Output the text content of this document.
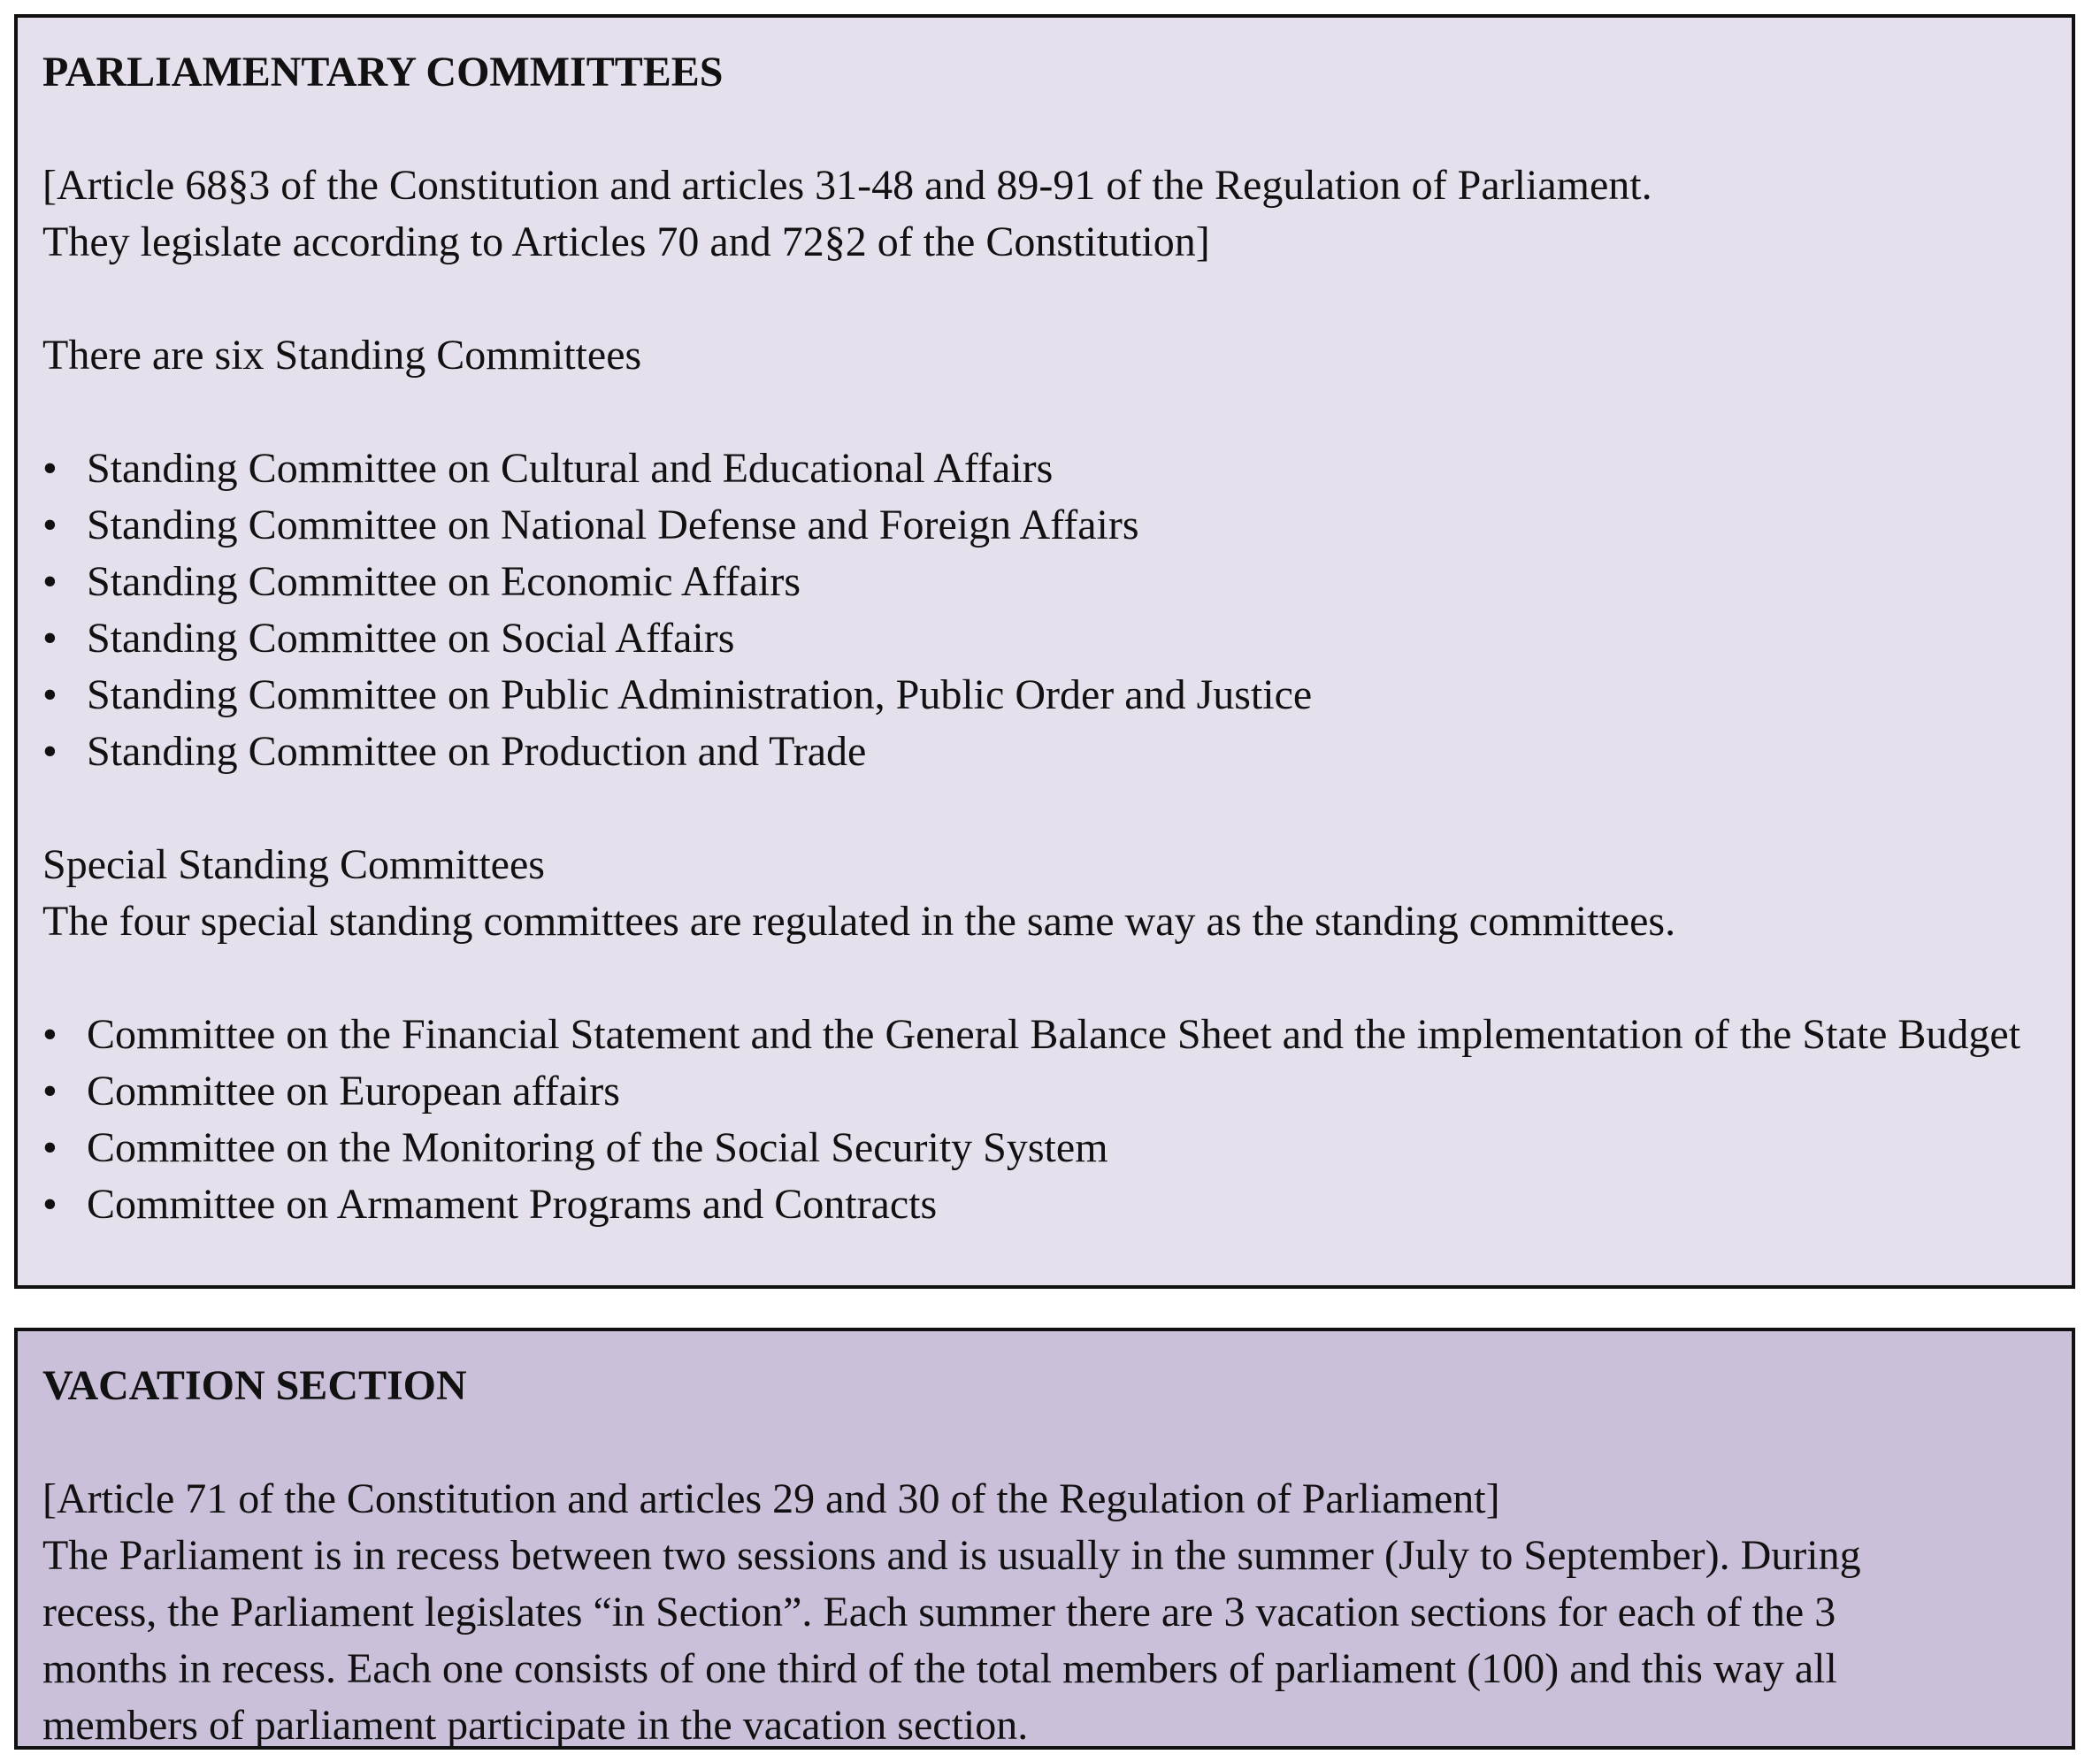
PARLIAMENTARY COMMITTEES

[Article 68§3 of the Constitution and articles 31-48 and 89-91 of the Regulation of Parliament.
They legislate according to Articles 70 and 72§2 of the Constitution]

There are six Standing Committees

• Standing Committee on Cultural and Educational Affairs
• Standing Committee on National Defense and Foreign Affairs
• Standing Committee on Economic Affairs
• Standing Committee on Social Affairs
• Standing Committee on Public Administration, Public Order and Justice
• Standing Committee on Production and Trade

Special Standing Committees

The four special standing committees are regulated in the same way as the standing committees.

• Committee on the Financial Statement and the General Balance Sheet and the implementation of the State Budget
• Committee on European affairs
• Committee on the Monitoring of the Social Security System
• Committee on Armament Programs and Contracts
VACATION SECTION

[Article 71 of the Constitution and articles 29 and 30 of the Regulation of Parliament]

The Parliament is in recess between two sessions and is usually in the summer (July to September). During
recess, the Parliament legislates “in Section”. Each summer there are 3 vacation sections for each of the 3
months in recess. Each one consists of one third of the total members of parliament (100) and this way all
members of parliament participate in the vacation section.
